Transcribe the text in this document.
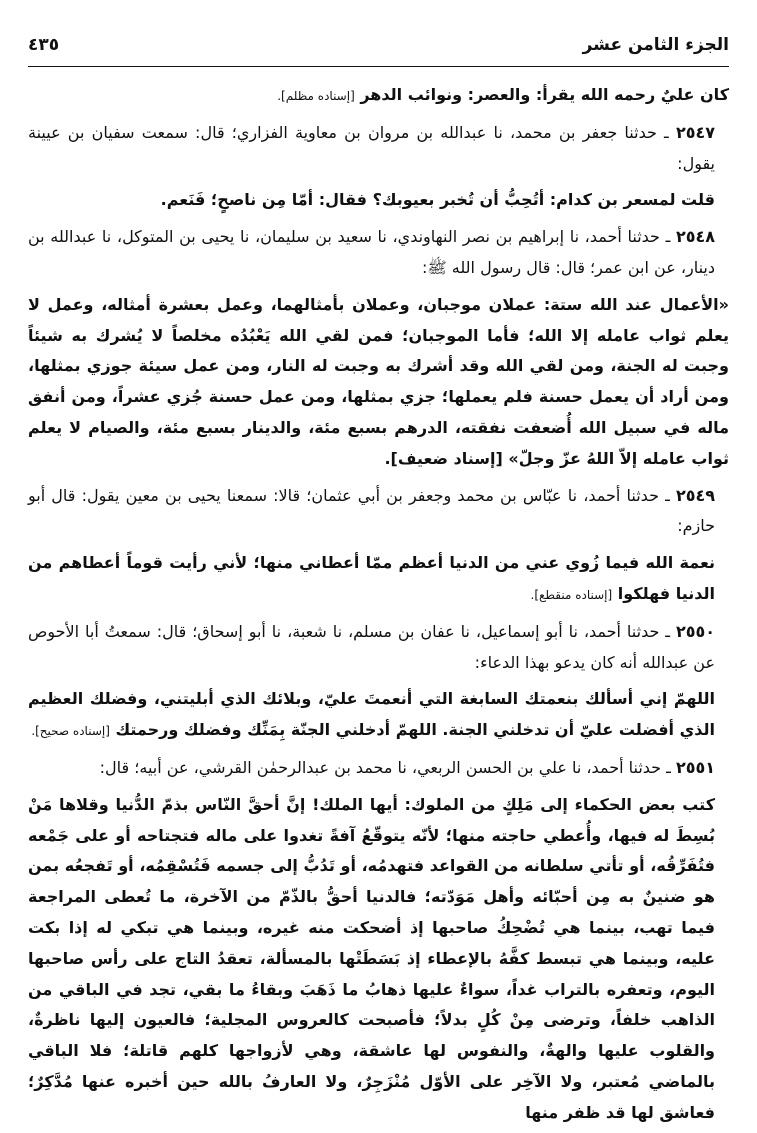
الجزء الثامن عشر
٤٣٥

كان عليٌ رحمه الله يقرأ: والعصر: ونوائب الدهر [إسناده مظلم].

٢٥٤٧ ـ حدثنا جعفر بن محمد، نا عبدالله بن مروان بن معاوية الفزاري؛ قال: سمعت سفيان بن عيينة يقول:

قلت لمسعر بن كدام: أتُحِبُّ أن تُخبر بعيوبك؟ فقال: أمّا مِن ناصحٍ؛ فَنَعم.

٢٥٤٨ ـ حدثنا أحمد، نا إبراهيم بن نصر النهاوندي، نا سعيد بن سليمان، نا يحيى بن المتوكل، نا عبدالله بن دينار، عن ابن عمر؛ قال: قال رسول الله ﷺ:

«الأعمال عند الله ستة: عملان موجبان، وعملان بأمثالهما، وعمل بعشرة أمثاله، وعمل لا يعلم ثواب عامله إلا الله؛ فأما الموجبان؛ فمن لقي الله يَعْبُدُه مخلصاً لا يُشرك به شيئاً وجبت له الجنة، ومن لقي الله وقد أشرك به وجبت له النار، ومن عمل سيئة جوزي بمثلها، ومن أراد أن يعمل حسنة فلم يعملها؛ جزي بمثلها، ومن عمل حسنة جُزي عشراً، ومن أنفق ماله في سبيل الله أُضعفت نفقته، الدرهم بسبع مئة، والدينار بسبع مئة، والصيام لا يعلم ثواب عامله إلاّ اللهُ عزّ وجلّ» [إسناد ضعيف].

٢٥٤٩ ـ حدثنا أحمد، نا عبّاس بن محمد وجعفر بن أبي عثمان؛ قالا: سمعنا يحيى بن معين يقول: قال أبو حازم:

نعمة الله فيما زُوي عني من الدنيا أعظم ممّا أعطاني منها؛ لأني رأيت قوماً أعطاهم من الدنيا فهلكوا [إسناده منقطع].

٢٥٥٠ ـ حدثنا أحمد، نا أبو إسماعيل، نا عفان بن مسلم، نا شعبة، نا أبو إسحاق؛ قال: سمعتُ أبا الأحوص عن عبدالله أنه كان يدعو بهذا الدعاء:

اللهمّ إني أسألك بنعمتك السابغة التي أنعمتَ عليّ، وبلائك الذي أبليتني، وفضلك العظيم الذي أفضلت عليّ أن تدخلني الجنة. اللهمّ أدخلني الجنّة بِمَنِّك وفضلك ورحمتك [إسناده صحيح].

٢٥٥١ ـ حدثنا أحمد، نا علي بن الحسن الربعي، نا محمد بن عبدالرحمٰن القرشي، عن أبيه؛ قال:

كتب بعض الحكماء إلى مَلِكٍ من الملوك: أيها الملك! إنَّ أحقَّ النّاس بذمّ الدُّنيا وقلاها مَنْ بُسِطَ له فيها، وأُعطي حاجته منها؛ لأنّه يتوقّعُ آفةً تغدوا على ماله فتجتاحه أو على جَمْعه فتُفَرِّقُه، أو تأتي سلطانه من القواعد فتهدمُه، أو تَدُبُّ إلى جسمه فَتُسْقِمُه، أو تَفجعُه بمن هو ضنينٌ به مِن أحبّائه وأهل مَوَدّته؛ فالدنيا أحقُّ بالذّمّ من الآخرة، ما تُعطى المراجعة فيما تهب، بينما هي تُضْحِكُ صاحبها إذ أضحكت منه غيره، وبينما هي تبكي له إذا بكت عليه، وبينما هي تبسط كفَّهُ بالإعطاء إذ بَسَطَتْها بالمسألة، تعقدُ التاج على رأس صاحبها اليوم، وتعفره بالتراب غداً، سواءٌ عليها ذهابُ ما ذَهَبَ وبقاءُ ما بقي، تجد في الباقي من الذاهب خلفاً، وترضى مِنْ كُلٍ بدلاً؛ فأصبحت كالعروس المجلية؛ فالعيون إليها ناظرةٌ، والقلوب عليها والهةٌ، والنفوس لها عاشقة، وهي لأزواجها كلهم قاتلة؛ فلا الباقي بالماضي مُعتبر، ولا الآخِر على الأوّل مُنْزَجِرٌ، ولا العارفُ بالله حين أخبره عنها مُدَّكِرٌ؛ فعاشق لها قد ظفر منها
